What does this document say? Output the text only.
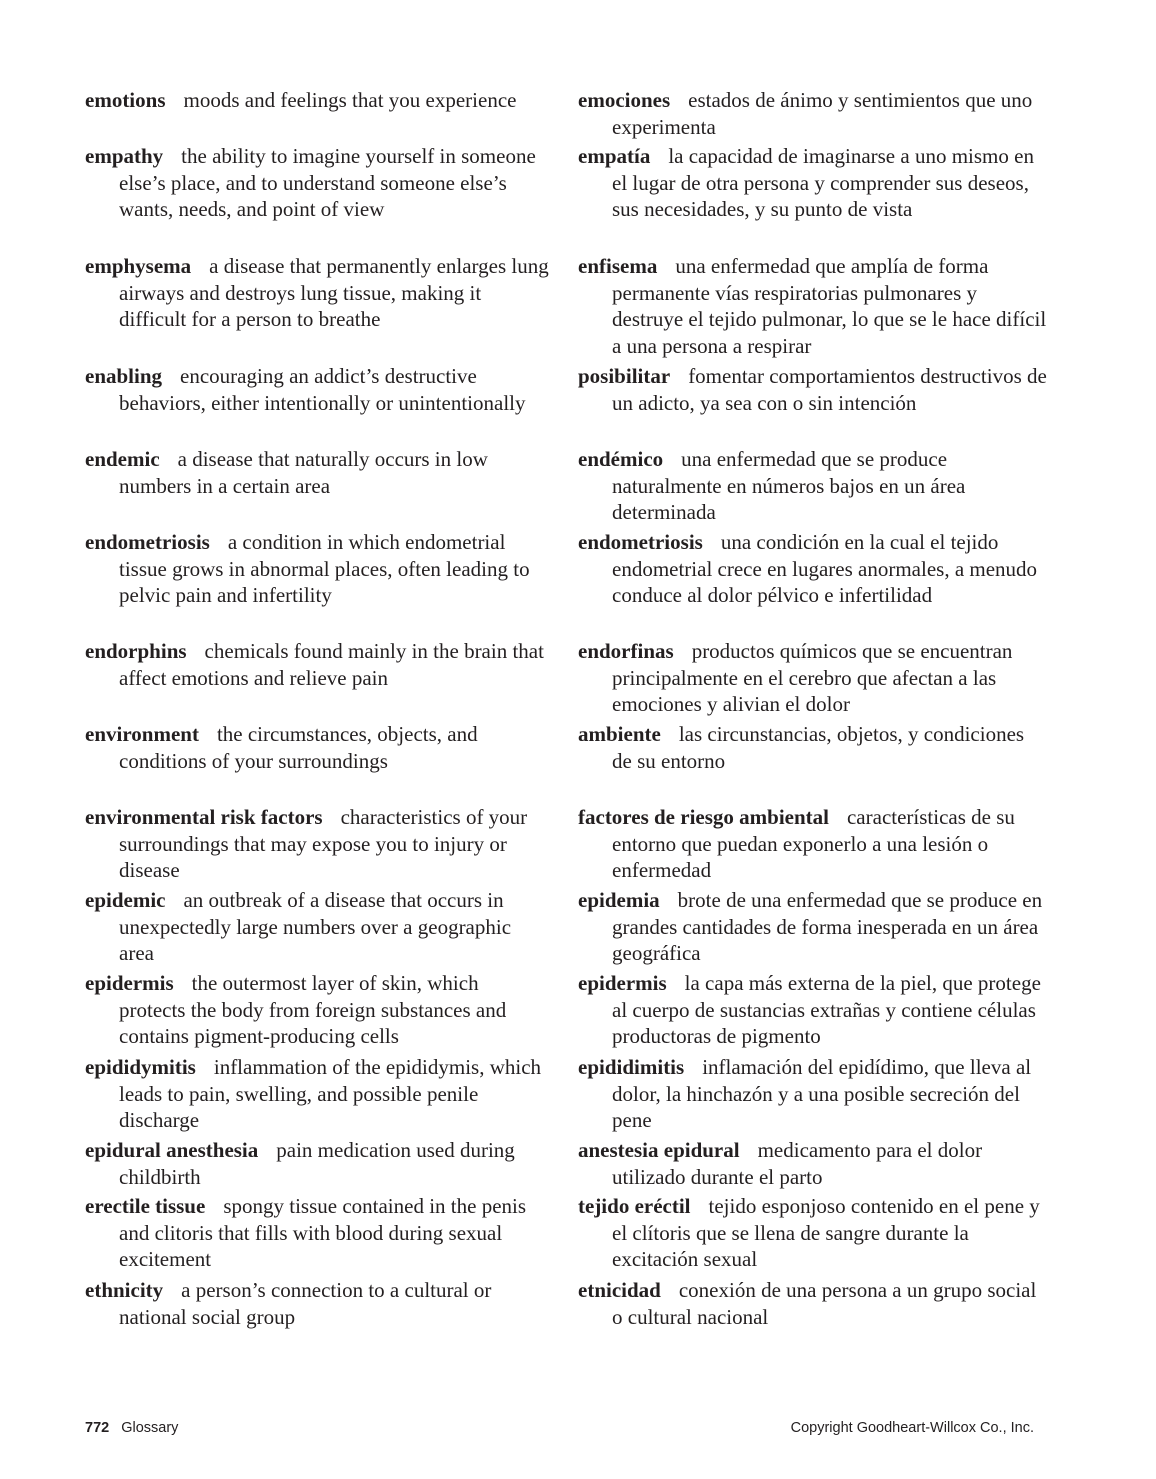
emotions moods and feelings that you experience
empathy the ability to imagine yourself in someone else’s place, and to understand someone else’s wants, needs, and point of view
emphysema a disease that permanently enlarges lung airways and destroys lung tissue, making it difficult for a person to breathe
enabling encouraging an addict’s destructive behaviors, either intentionally or unintentionally
endemic a disease that naturally occurs in low numbers in a certain area
endometriosis a condition in which endometrial tissue grows in abnormal places, often leading to pelvic pain and infertility
endorphins chemicals found mainly in the brain that affect emotions and relieve pain
environment the circumstances, objects, and conditions of your surroundings
environmental risk factors characteristics of your surroundings that may expose you to injury or disease
epidemic an outbreak of a disease that occurs in unexpectedly large numbers over a geographic area
epidermis the outermost layer of skin, which protects the body from foreign substances and contains pigment-producing cells
epididymitis inflammation of the epididymis, which leads to pain, swelling, and possible penile discharge
epidural anesthesia pain medication used during childbirth
erectile tissue spongy tissue contained in the penis and clitoris that fills with blood during sexual excitement
ethnicity a person’s connection to a cultural or national social group
emociones estados de ánimo y sentimientos que uno experimenta
empatía la capacidad de imaginarse a uno mismo en el lugar de otra persona y comprender sus deseos, sus necesidades, y su punto de vista
enfisema una enfermedad que amplía de forma permanente vías respiratorias pulmonares y destruye el tejido pulmonar, lo que se le hace difícil a una persona a respirar
posibilitar fomentar comportamientos destructivos de un adicto, ya sea con o sin intención
endémico una enfermedad que se produce naturalmente en números bajos en un área determinada
endometriosis una condición en la cual el tejido endometrial crece en lugares anormales, a menudo conduce al dolor pélvico e infertilidad
endorfinas productos químicos que se encuentran principalmente en el cerebro que afectan a las emociones y alivian el dolor
ambiente las circunstancias, objetos, y condiciones de su entorno
factores de riesgo ambiental características de su entorno que puedan exponerlo a una lesión o enfermedad
epidemia brote de una enfermedad que se produce en grandes cantidades de forma inesperada en un área geográfica
epidermis la capa más externa de la piel, que protege al cuerpo de sustancias extrañas y contiene células productoras de pigmento
epididimitis inflamación del epidídimo, que lleva al dolor, la hinchazón y a una posible secreción del pene
anestesia epidural medicamento para el dolor utilizado durante el parto
tejido eréctil tejido esponjoso contenido en el pene y el clítoris que se llena de sangre durante la excitación sexual
etnicidad conexión de una persona a un grupo social o cultural nacional
772 Glossary	Copyright Goodheart-Willcox Co., Inc.
